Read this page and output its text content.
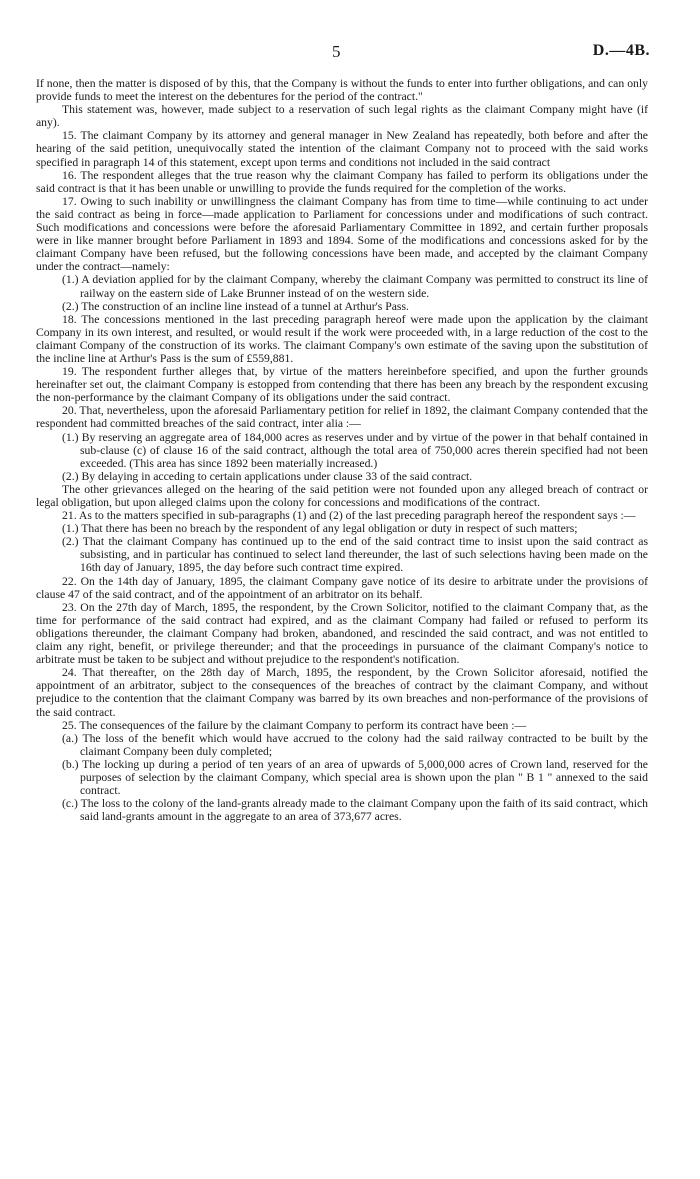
5	D.—4B.

If none, then the matter is disposed of by this, that the Company is without the funds to enter into further obligations, and can only provide funds to meet the interest on the debentures for the period of the contract."

This statement was, however, made subject to a reservation of such legal rights as the claimant Company might have (if any).

15. The claimant Company by its attorney and general manager in New Zealand has repeatedly, both before and after the hearing of the said petition, unequivocally stated the intention of the claimant Company not to proceed with the said works specified in paragraph 14 of this statement, except upon terms and conditions not included in the said contract

16. The respondent alleges that the true reason why the claimant Company has failed to perform its obligations under the said contract is that it has been unable or unwilling to provide the funds required for the completion of the works.

17. Owing to such inability or unwillingness the claimant Company has from time to time—while continuing to act under the said contract as being in force—made application to Parliament for concessions under and modifications of such contract. Such modifications and concessions were before the aforesaid Parliamentary Committee in 1892, and certain further proposals were in like manner brought before Parliament in 1893 and 1894. Some of the modifications and concessions asked for by the claimant Company have been refused, but the following concessions have been made, and accepted by the claimant Company under the contract—namely:

(1.) A deviation applied for by the claimant Company, whereby the claimant Company was permitted to construct its line of railway on the eastern side of Lake Brunner instead of on the western side.

(2.) The construction of an incline line instead of a tunnel at Arthur's Pass.

18. The concessions mentioned in the last preceding paragraph hereof were made upon the application by the claimant Company in its own interest, and resulted, or would result if the work were proceeded with, in a large reduction of the cost to the claimant Company of the construction of its works. The claimant Company's own estimate of the saving upon the substitution of the incline line at Arthur's Pass is the sum of £559,881.

19. The respondent further alleges that, by virtue of the matters hereinbefore specified, and upon the further grounds hereinafter set out, the claimant Company is estopped from contending that there has been any breach by the respondent excusing the non-performance by the claimant Company of its obligations under the said contract.

20. That, nevertheless, upon the aforesaid Parliamentary petition for relief in 1892, the claimant Company contended that the respondent had committed breaches of the said contract, inter alia :—

(1.) By reserving an aggregate area of 184,000 acres as reserves under and by virtue of the power in that behalf contained in sub-clause (c) of clause 16 of the said contract, although the total area of 750,000 acres therein specified had not been exceeded. (This area has since 1892 been materially increased.)

(2.) By delaying in acceding to certain applications under clause 33 of the said contract.

The other grievances alleged on the hearing of the said petition were not founded upon any alleged breach of contract or legal obligation, but upon alleged claims upon the colony for concessions and modifications of the contract.

21. As to the matters specified in sub-paragraphs (1) and (2) of the last preceding paragraph hereof the respondent says :—

(1.) That there has been no breach by the respondent of any legal obligation or duty in respect of such matters;

(2.) That the claimant Company has continued up to the end of the said contract time to insist upon the said contract as subsisting, and in particular has continued to select land thereunder, the last of such selections having been made on the 16th day of January, 1895, the day before such contract time expired.

22. On the 14th day of January, 1895, the claimant Company gave notice of its desire to arbitrate under the provisions of clause 47 of the said contract, and of the appointment of an arbitrator on its behalf.

23. On the 27th day of March, 1895, the respondent, by the Crown Solicitor, notified to the claimant Company that, as the time for performance of the said contract had expired, and as the claimant Company had failed or refused to perform its obligations thereunder, the claimant Company had broken, abandoned, and rescinded the said contract, and was not entitled to claim any right, benefit, or privilege thereunder; and that the proceedings in pursuance of the claimant Company's notice to arbitrate must be taken to be subject and without prejudice to the respondent's notification.

24. That thereafter, on the 28th day of March, 1895, the respondent, by the Crown Solicitor aforesaid, notified the appointment of an arbitrator, subject to the consequences of the breaches of contract by the claimant Company, and without prejudice to the contention that the claimant Company was barred by its own breaches and non-performance of the provisions of the said contract.

25. The consequences of the failure by the claimant Company to perform its contract have been :—

(a.) The loss of the benefit which would have accrued to the colony had the said railway contracted to be built by the claimant Company been duly completed;

(b.) The locking up during a period of ten years of an area of upwards of 5,000,000 acres of Crown land, reserved for the purposes of selection by the claimant Company, which special area is shown upon the plan " B 1 " annexed to the said contract.

(c.) The loss to the colony of the land-grants already made to the claimant Company upon the faith of its said contract, which said land-grants amount in the aggregate to an area of 373,677 acres.
